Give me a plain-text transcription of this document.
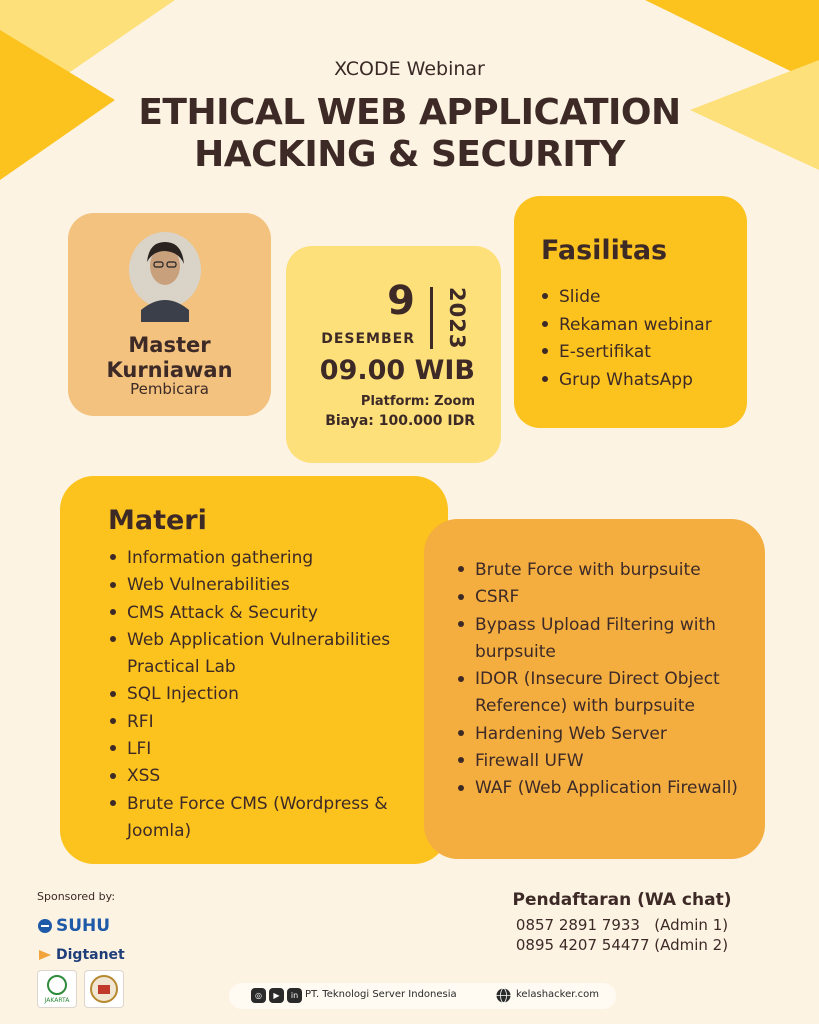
XCODE Webinar
ETHICAL WEB APPLICATION
HACKING & SECURITY
Master
Kurniawan
Pembicara
9
DESEMBER 2023
09.00 WIB
Platform: Zoom
Biaya: 100.000 IDR
Fasilitas
Slide
Rekaman webinar
E-sertifikat
Grup WhatsApp
Materi
Information gathering
Web Vulnerabilities
CMS Attack & Security
Web Application Vulnerabilities Practical Lab
SQL Injection
RFI
LFI
XSS
Brute Force CMS (Wordpress & Joomla)
Brute Force with burpsuite
CSRF
Bypass Upload Filtering with burpsuite
IDOR (Insecure Direct Object Reference) with burpsuite
Hardening Web Server
Firewall UFW
WAF (Web Application Firewall)
Sponsored by:
SUHU
Digtanet
JAKARTA
Pendaftaran (WA chat)
0857 2891 7933   (Admin 1)
0895 4207 54477 (Admin 2)
◎	▶	in PT. Teknologi Server Indonesia	kelashacker.com
